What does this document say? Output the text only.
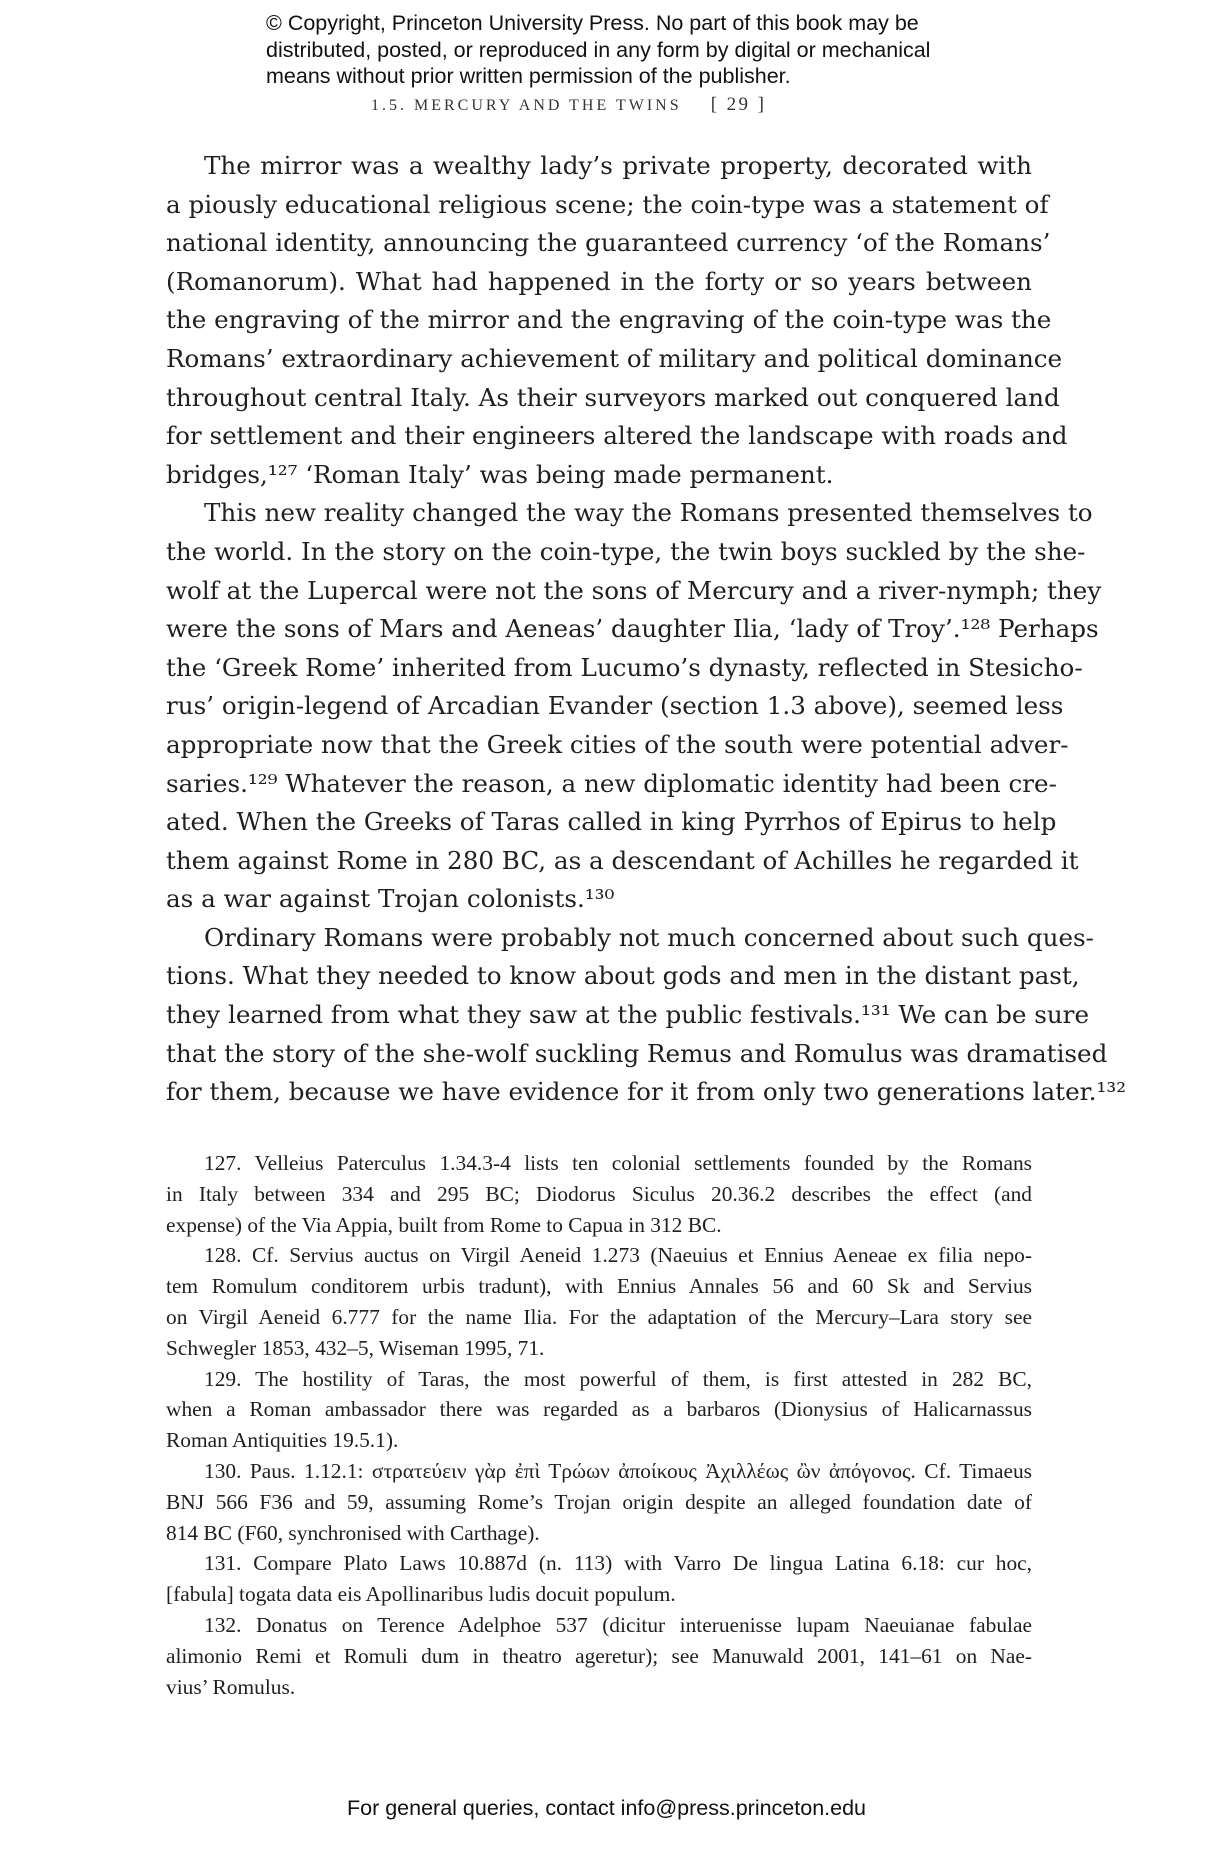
© Copyright, Princeton University Press. No part of this book may be
distributed, posted, or reproduced in any form by digital or mechanical
means without prior written permission of the publisher.
1.5. MERCURY AND THE TWINS [ 29 ]
The mirror was a wealthy lady’s private property, decorated with
a piously educational religious scene; the coin-type was a statement of
national identity, announcing the guaranteed currency ‘of the Romans’
(Romanorum). What had happened in the forty or so years between
the engraving of the mirror and the engraving of the coin-type was the
Romans’ extraordinary achievement of military and political dominance
throughout central Italy. As their surveyors marked out conquered land
for settlement and their engineers altered the landscape with roads and
bridges,¹²⁷ ‘Roman Italy’ was being made permanent.
This new reality changed the way the Romans presented themselves to
the world. In the story on the coin-type, the twin boys suckled by the she-
wolf at the Lupercal were not the sons of Mercury and a river-nymph; they
were the sons of Mars and Aeneas’ daughter Ilia, ‘lady of Troy’.¹²⁸ Perhaps
the ‘Greek Rome’ inherited from Lucumo’s dynasty, reflected in Stesicho-
rus’ origin-legend of Arcadian Evander (section 1.3 above), seemed less
appropriate now that the Greek cities of the south were potential adver-
saries.¹²⁹ Whatever the reason, a new diplomatic identity had been cre-
ated. When the Greeks of Taras called in king Pyrrhos of Epirus to help
them against Rome in 280 BC, as a descendant of Achilles he regarded it
as a war against Trojan colonists.¹³⁰
Ordinary Romans were probably not much concerned about such ques-
tions. What they needed to know about gods and men in the distant past,
they learned from what they saw at the public festivals.¹³¹ We can be sure
that the story of the she-wolf suckling Remus and Romulus was dramatised
for them, because we have evidence for it from only two generations later.¹³²
127. Velleius Paterculus 1.34.3-4 lists ten colonial settlements founded by the Romans
in Italy between 334 and 295 BC; Diodorus Siculus 20.36.2 describes the effect (and
expense) of the Via Appia, built from Rome to Capua in 312 BC.
128. Cf. Servius auctus on Virgil Aeneid 1.273 (Naeuius et Ennius Aeneae ex filia nepo-
tem Romulum conditorem urbis tradunt), with Ennius Annales 56 and 60 Sk and Servius
on Virgil Aeneid 6.777 for the name Ilia. For the adaptation of the Mercury–Lara story see
Schwegler 1853, 432–5, Wiseman 1995, 71.
129. The hostility of Taras, the most powerful of them, is first attested in 282 BC,
when a Roman ambassador there was regarded as a barbaros (Dionysius of Halicarnassus
Roman Antiquities 19.5.1).
130. Paus. 1.12.1: στρατεύειν γὰρ ἐπὶ Τρώων ἀποίκους Ἀχιλλέως ὢν ἀπόγονος. Cf. Timaeus
BNJ 566 F36 and 59, assuming Rome’s Trojan origin despite an alleged foundation date of
814 BC (F60, synchronised with Carthage).
131. Compare Plato Laws 10.887d (n. 113) with Varro De lingua Latina 6.18: cur hoc,
[fabula] togata data eis Apollinaribus ludis docuit populum.
132. Donatus on Terence Adelphoe 537 (dicitur interuenisse lupam Naeuianae fabulae
alimonio Remi et Romuli dum in theatro ageretur); see Manuwald 2001, 141–61 on Nae-
vius’ Romulus.
For general queries, contact info@press.princeton.edu
